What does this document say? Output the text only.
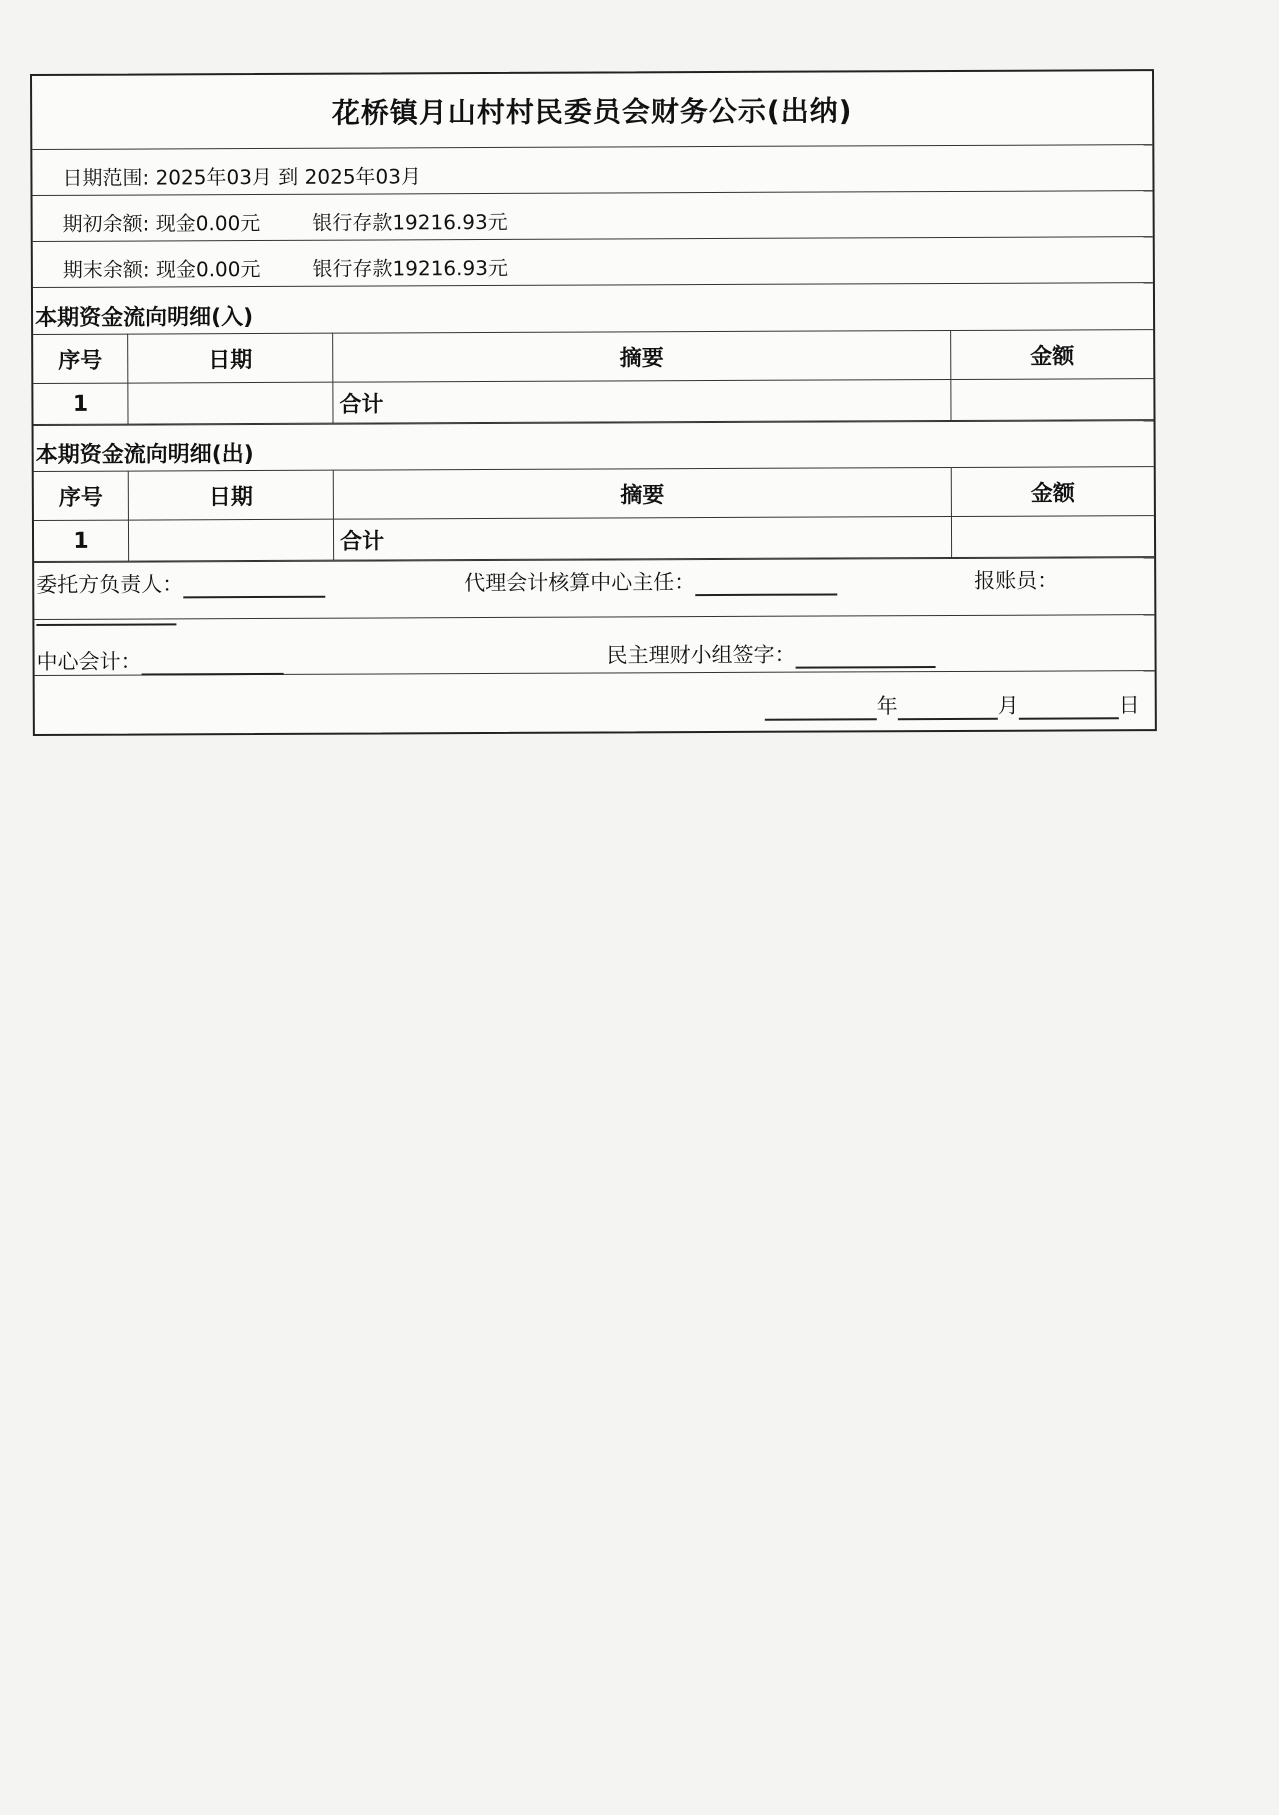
花桥镇月山村村民委员会财务公示(出纳)
日期范围: 2025年03月 到 2025年03月
期初余额: 现金0.00元	银行存款19216.93元
期末余额: 现金0.00元	银行存款19216.93元
本期资金流向明细(入)
序号	日期	摘要	金额
1		合计	
本期资金流向明细(出)
序号	日期	摘要	金额
1		合计	
委托方负责人：	代理会计核算中心主任：	报账员：
中心会计：	民主理财小组签字：
年	月	日
